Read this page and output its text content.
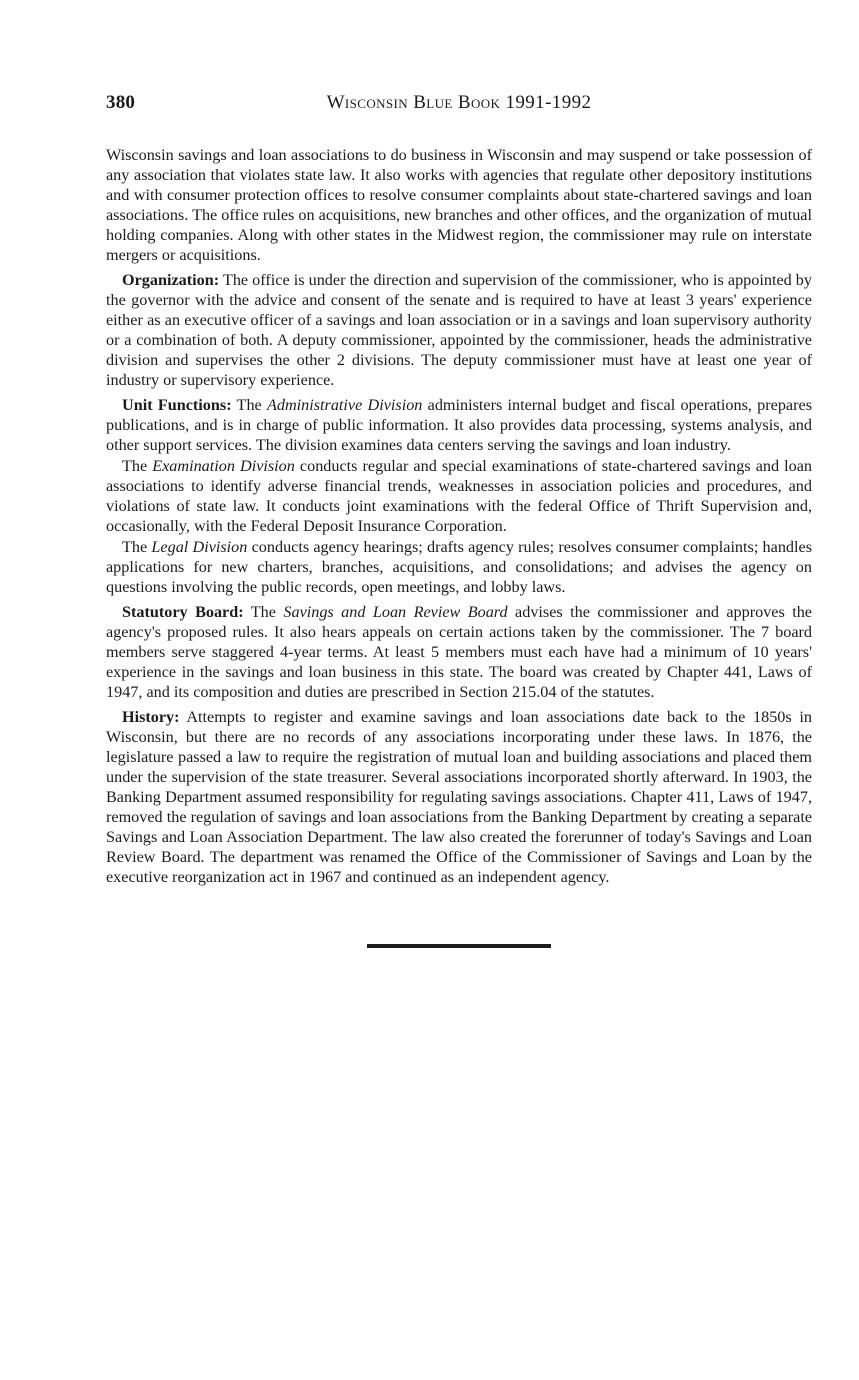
380	Wisconsin Blue Book 1991-1992

Wisconsin savings and loan associations to do business in Wisconsin and may suspend or take possession of any association that violates state law. It also works with agencies that regulate other depository institutions and with consumer protection offices to resolve consumer complaints about state-chartered savings and loan associations. The office rules on acquisitions, new branches and other offices, and the organization of mutual holding companies. Along with other states in the Midwest region, the commissioner may rule on interstate mergers or acquisitions.

Organization: The office is under the direction and supervision of the commissioner, who is appointed by the governor with the advice and consent of the senate and is required to have at least 3 years' experience either as an executive officer of a savings and loan association or in a savings and loan supervisory authority or a combination of both. A deputy commissioner, appointed by the commissioner, heads the administrative division and supervises the other 2 divisions. The deputy commissioner must have at least one year of industry or supervisory experience.

Unit Functions: The Administrative Division administers internal budget and fiscal operations, prepares publications, and is in charge of public information. It also provides data processing, systems analysis, and other support services. The division examines data centers serving the savings and loan industry.

The Examination Division conducts regular and special examinations of state-chartered savings and loan associations to identify adverse financial trends, weaknesses in association policies and procedures, and violations of state law. It conducts joint examinations with the federal Office of Thrift Supervision and, occasionally, with the Federal Deposit Insurance Corporation.

The Legal Division conducts agency hearings; drafts agency rules; resolves consumer complaints; handles applications for new charters, branches, acquisitions, and consolidations; and advises the agency on questions involving the public records, open meetings, and lobby laws.

Statutory Board: The Savings and Loan Review Board advises the commissioner and approves the agency's proposed rules. It also hears appeals on certain actions taken by the commissioner. The 7 board members serve staggered 4-year terms. At least 5 members must each have had a minimum of 10 years' experience in the savings and loan business in this state. The board was created by Chapter 441, Laws of 1947, and its composition and duties are prescribed in Section 215.04 of the statutes.

History: Attempts to register and examine savings and loan associations date back to the 1850s in Wisconsin, but there are no records of any associations incorporating under these laws. In 1876, the legislature passed a law to require the registration of mutual loan and building associations and placed them under the supervision of the state treasurer. Several associations incorporated shortly afterward. In 1903, the Banking Department assumed responsibility for regulating savings associations. Chapter 411, Laws of 1947, removed the regulation of savings and loan associations from the Banking Department by creating a separate Savings and Loan Association Department. The law also created the forerunner of today's Savings and Loan Review Board. The department was renamed the Office of the Commissioner of Savings and Loan by the executive reorganization act in 1967 and continued as an independent agency.
